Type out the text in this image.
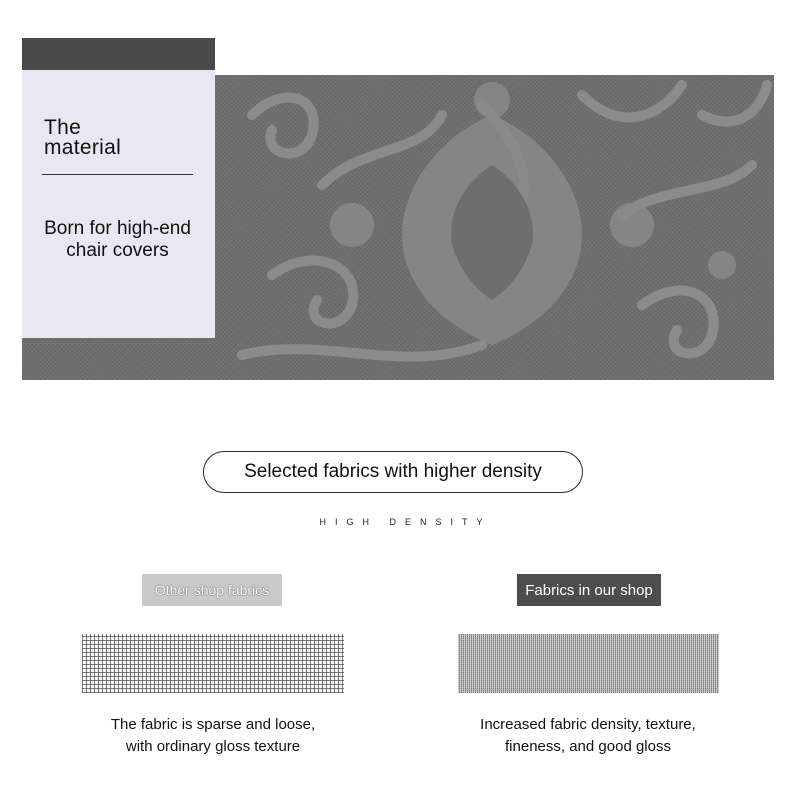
The
material
Born for high-end
chair covers
Selected fabrics with higher density
HIGH DENSITY
Other shop fabrics	Fabrics in our shop
The fabric is sparse and loose,
with ordinary gloss texture
Increased fabric density, texture,
fineness, and good gloss
